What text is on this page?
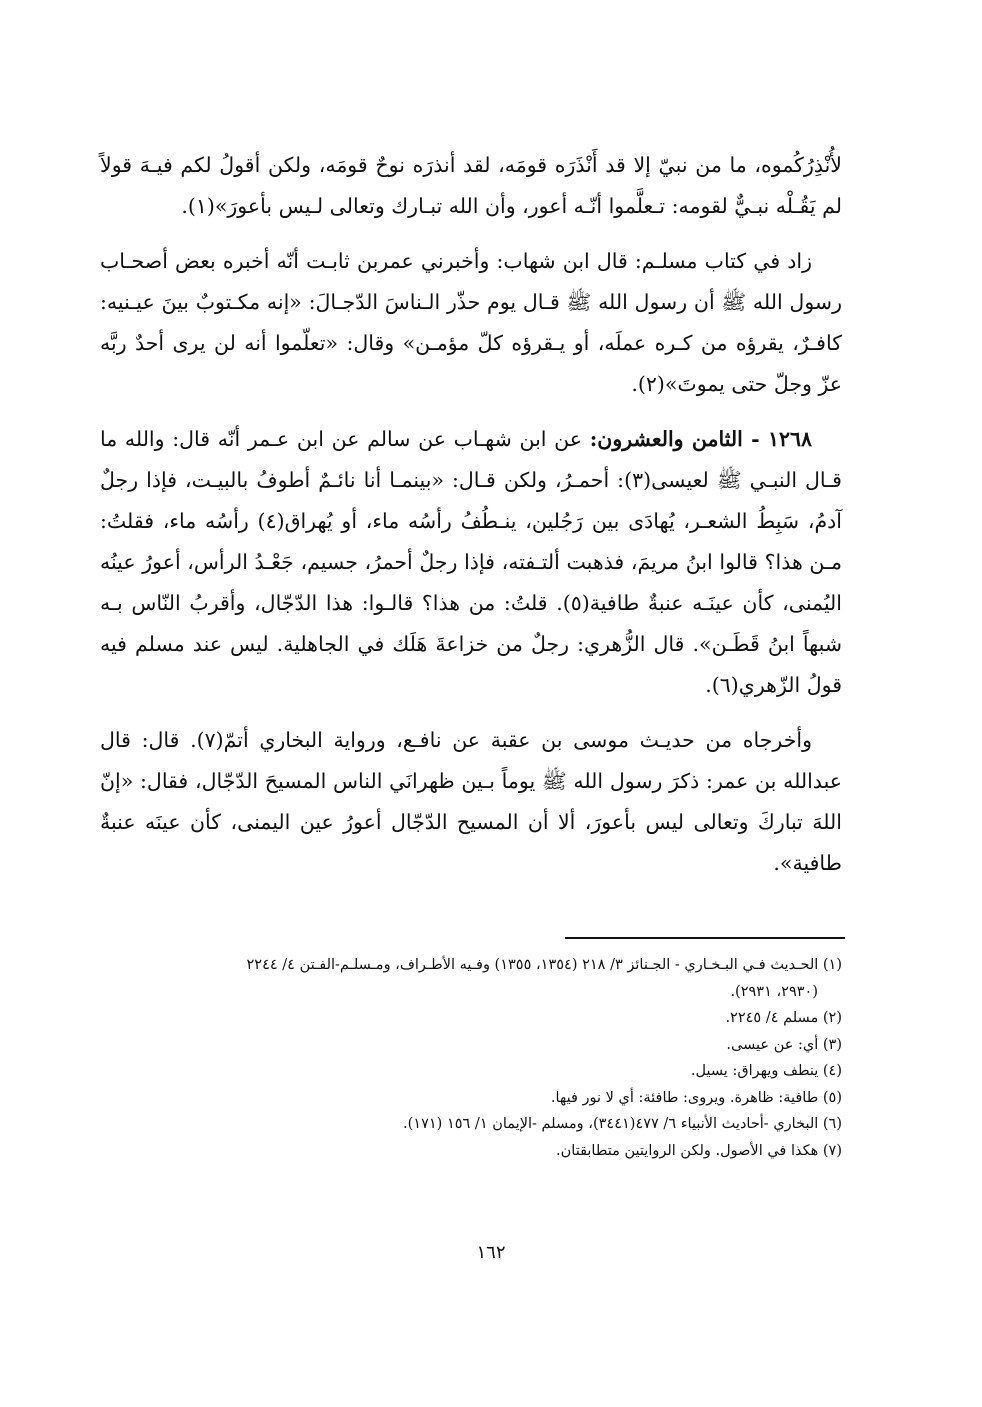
لأُنْذِرُكُموه، ما من نبيّ إلا قد أَنْذَرَه قومَه، لقد أنذرَه نوحٌ قومَه، ولكن أقولُ لكم فيـهَ قولاً لم يَقُـلْه نبـيٌّ لقومه: تـعلَّموا أنّـه أعور، وأن الله تبـارك وتعالى لـيس بأعورَ»(١).

زاد في كتاب مسلـم: قال ابن شهاب: وأخبرني عمربن ثابـت أنّه أخبره بعض أصحـاب رسول الله ﷺ أن رسول الله ﷺ قـال يوم حذّر الـناسَ الدّجـالَ: «إنه مكـتوبٌ بينَ عيـنيه: كافـرٌ، يقرؤه من كـره عملَه، أو يـقرؤه كلّ مؤمـن» وقال: «تعلّموا أنه لن يرى أحدٌ ربَّه عزّ وجلّ حتى يموتَ»(٢).

١٢٦٨ - الثامن والعشرون: عن ابن شهـاب عن سالم عن ابن عـمر أنّه قال: والله ما قـال النبـي ﷺ لعيسى(٣): أحمـرُ، ولكن قـال: «بينمـا أنا نائـمٌ أطوفُ بالبيـت، فإذا رجلٌ آدمُ، سَبِطُ الشعـر، يُهادَى بين رَجُلين، ينـطُفُ رأسُه ماء، أو يُهراق(٤) رأسُه ماء، فقلتُ: مـن هذا؟ قالوا ابنُ مريمَ، فذهبت ألتـفته، فإذا رجلٌ أحمرُ، جسيم، جَعْـدُ الرأس، أعورُ عينُه اليُمنى، كأن عينَـه عنبةٌ طافية(٥). قلتُ: من هذا؟ قالـوا: هذا الدّجّال، وأقربُ النّاس بـه شبهاً ابنُ قَطَـن». قال الزُّهري: رجلٌ من خزاعةَ هَلَك في الجاهلية. ليس عند مسلم فيه قولُ الزّهري(٦).

وأخرجاه من حديـث موسى بن عقبة عن نافـع، ورواية البخاري أتمّ(٧). قال: قال عبدالله بن عمر: ذكرَ رسول الله ﷺ يوماً بـين ظهرانَي الناس المسيحَ الدّجّال، فقال: «إنّ اللهَ تباركَ وتعالى ليس بأعورَ، ألا أن المسيح الدّجّال أعورُ عين اليمنى، كأن عينَه عنبةٌ طافية».

(١) الحـديث فـي البـخـاري - الجـنائز ٣/ ٢١٨ (١٣٥٤، ١٣٥٥) وفـيه الأطـراف، ومـسلـم-الفـتن ٤/ ٢٢٤٤

(٢٩٣٠، ٢٩٣١).

(٢) مسلم ٤/ ٢٢٤٥.

(٣) أي: عن عيسى.

(٤) ينطف ويهراق: يسيل.

(٥) طافية: ظاهرة. ويروى: طافئة: أي لا نور فيها.

(٦) البخاري -أحاديث الأنبياء ٦/ ٤٧٧(٣٤٤١)، ومسلم -الإيمان ١/ ١٥٦ (١٧١).

(٧) هكذا في الأصول. ولكن الروايتين متطابقتان.

١٦٢
